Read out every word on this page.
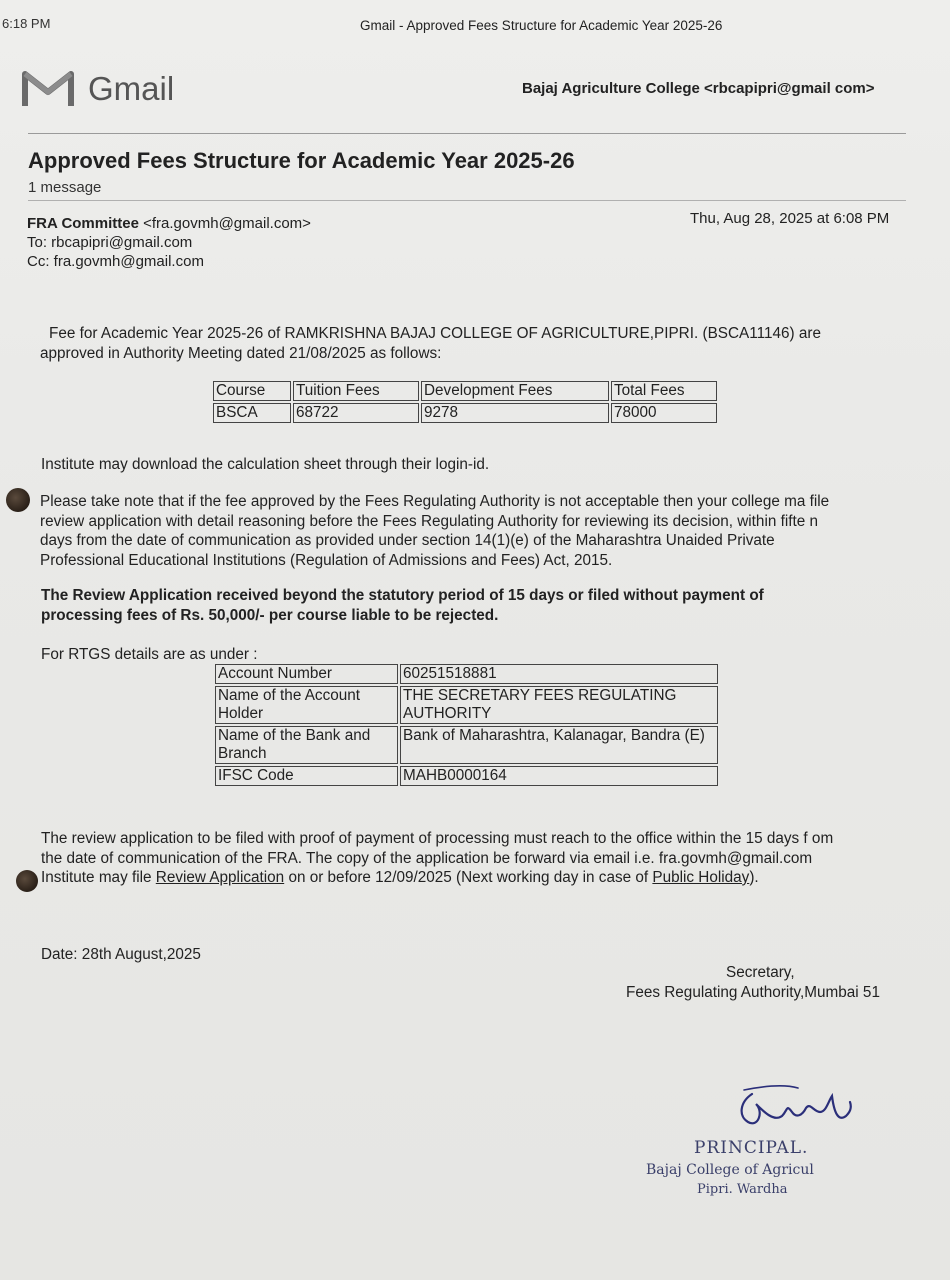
6:18 PM	Gmail - Approved Fees Structure for Academic Year 2025-26
Gmail	Bajaj Agriculture College <rbcapipri@gmail com>
Approved Fees Structure for Academic Year 2025-26
1 message
FRA Committee <fra.govmh@gmail.com>
To: rbcapipri@gmail.com
Cc: fra.govmh@gmail.com
Thu, Aug 28, 2025 at 6:08 PM
Fee for Academic Year 2025-26 of RAMKRISHNA BAJAJ COLLEGE OF AGRICULTURE,PIPRI. (BSCA11146) are
approved in Authority Meeting dated 21/08/2025 as follows:
Course	Tuition Fees	Development Fees	Total Fees
BSCA	68722	9278	78000
Institute may download the calculation sheet through their login-id.
Please take note that if the fee approved by the Fees Regulating Authority is not acceptable then your college ma file
review application with detail reasoning before the Fees Regulating Authority for reviewing its decision, within fifte n
days from the date of communication as provided under section 14(1)(e) of the Maharashtra Unaided Private
Professional Educational Institutions (Regulation of Admissions and Fees) Act, 2015.
The Review Application received beyond the statutory period of 15 days or filed without payment of
processing fees of Rs. 50,000/- per course liable to be rejected.
For RTGS details are as under :
Account Number	60251518881
Name of the Account Holder	THE SECRETARY FEES REGULATING AUTHORITY
Name of the Bank and Branch	Bank of Maharashtra, Kalanagar, Bandra (E)
IFSC Code	MAHB0000164
The review application to be filed with proof of payment of processing must reach to the office within the 15 days f om
the date of communication of the FRA. The copy of the application be forward via email i.e. fra.govmh@gmail.com
Institute may file Review Application on or before 12/09/2025 (Next working day in case of Public Holiday).
Date: 28th August,2025
Secretary,
Fees Regulating Authority,Mumbai 51
PRINCIPAL.
Bajaj College of Agricul
Pipri. Wardha
